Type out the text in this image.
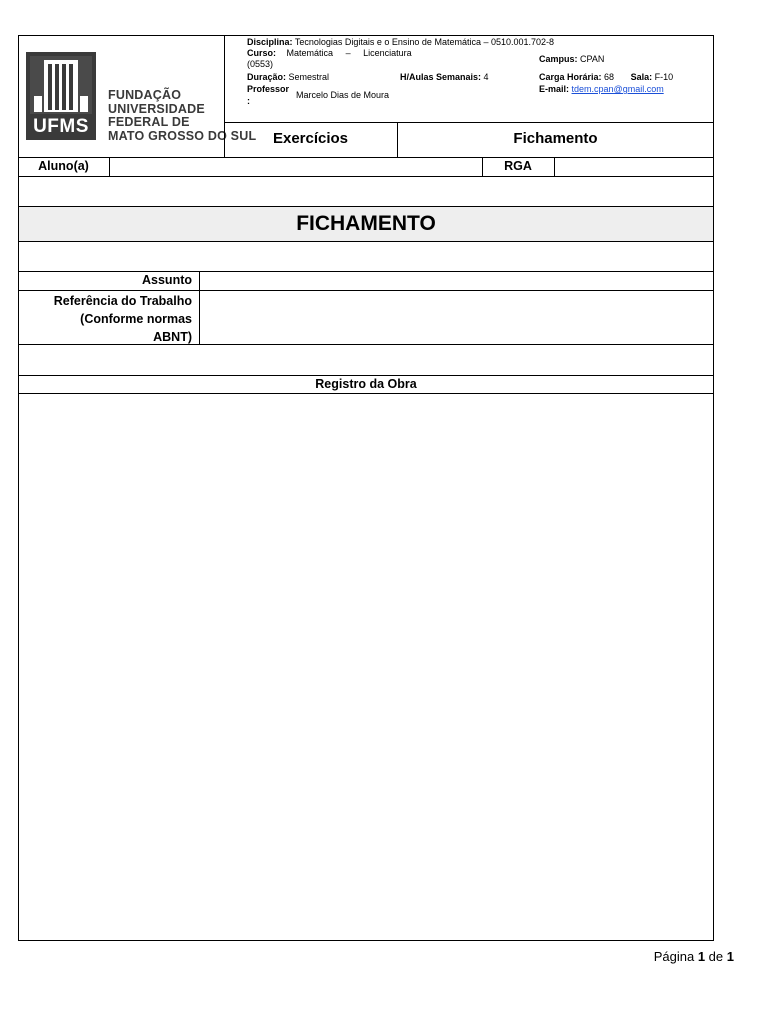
UFMS
FUNDAÇÃO
UNIVERSIDADE
FEDERAL DE
MATO GROSSO DO SUL
Disciplina: Tecnologias Digitais e o Ensino de Matemática – 0510.001.702-8
Curso: Matemática – Licenciatura
(0553)	Campus: CPAN
Duração: Semestral	H/Aulas Semanais: 4	Carga Horária: 68 Sala: F-10
Professor
:
Marcelo Dias de Moura
E-mail: tdem.cpan@gmail.com
Exercícios	Fichamento
Aluno(a)	RGA
FICHAMENTO
Assunto
Referência do Trabalho
(Conforme normas
ABNT)
Registro da Obra
Página 1 de 1
